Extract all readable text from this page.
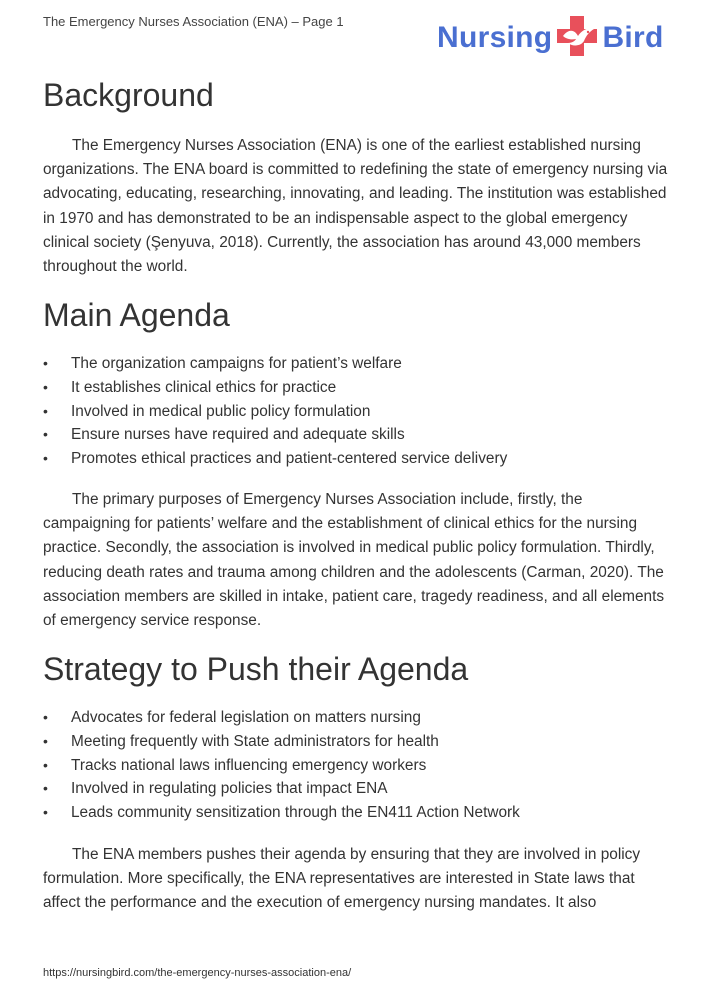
The Emergency Nurses Association (ENA) – Page 1	Nursing Bird
Background

The Emergency Nurses Association (ENA) is one of the earliest established nursing organizations. The ENA board is committed to redefining the state of emergency nursing via advocating, educating, researching, innovating, and leading. The institution was established in 1970 and has demonstrated to be an indispensable aspect to the global emergency clinical society (Şenyuva, 2018). Currently, the association has around 43,000 members throughout the world.

Main Agenda
• The organization campaigns for patient’s welfare
• It establishes clinical ethics for practice
• Involved in medical public policy formulation
• Ensure nurses have required and adequate skills
• Promotes ethical practices and patient-centered service delivery

The primary purposes of Emergency Nurses Association include, firstly, the campaigning for patients’ welfare and the establishment of clinical ethics for the nursing practice. Secondly, the association is involved in medical public policy formulation. Thirdly, reducing death rates and trauma among children and the adolescents (Carman, 2020). The association members are skilled in intake, patient care, tragedy readiness, and all elements of emergency service response.

Strategy to Push their Agenda
• Advocates for federal legislation on matters nursing
• Meeting frequently with State administrators for health
• Tracks national laws influencing emergency workers
• Involved in regulating policies that impact ENA
• Leads community sensitization through the EN411 Action Network

The ENA members pushes their agenda by ensuring that they are involved in policy formulation. More specifically, the ENA representatives are interested in State laws that affect the performance and the execution of emergency nursing mandates. It also

https://nursingbird.com/the-emergency-nurses-association-ena/
